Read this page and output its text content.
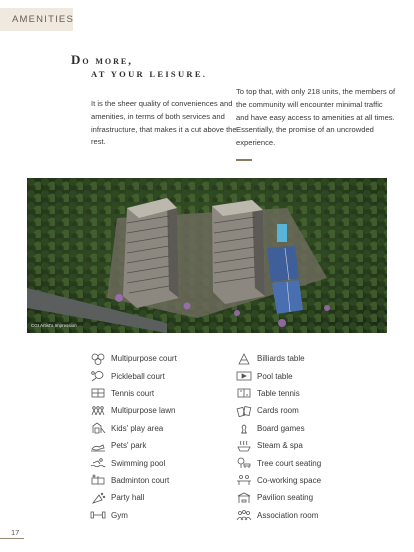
AMENITIES
Do more,
AT YOUR LEISURE.
It is the sheer quality of conveniences and amenities, in terms of both services and infrastructure, that makes it a cut above the rest.
To top that, with only 218 units, the members of the community will encounter minimal traffic and have easy access to amenities at all times. Essentially, the promise of an uncrowded experience.
CGI Artist's Impression
Multipurpose court
Pickleball court
Tennis court
Multipurpose lawn
Kids' play area
Pets' park
Swimming pool
Badminton court
Party hall
Gym
Billiards table
Pool table
Table tennis
Cards room
Board games
Steam & spa
Tree court seating
Co-working space
Pavilion seating
Association room
17
